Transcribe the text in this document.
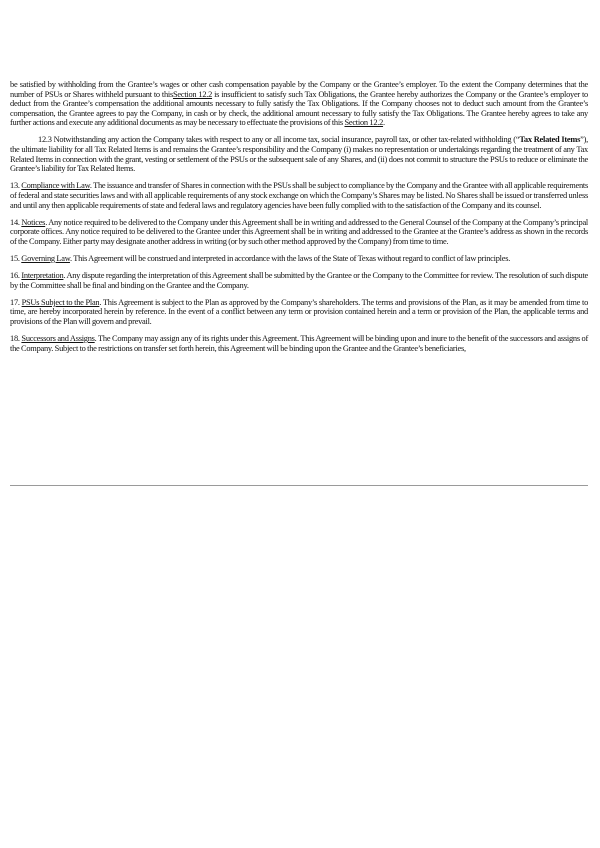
be satisfied by withholding from the Grantee’s wages or other cash compensation payable by the Company or the Grantee’s employer. To the extent the Company determines that the number of PSUs or Shares withheld pursuant to thisSection 12.2 is insufficient to satisfy such Tax Obligations, the Grantee hereby authorizes the Company or the Grantee’s employer to deduct from the Grantee’s compensation the additional amounts necessary to fully satisfy the Tax Obligations. If the Company chooses not to deduct such amount from the Grantee’s compensation, the Grantee agrees to pay the Company, in cash or by check, the additional amount necessary to fully satisfy the Tax Obligations. The Grantee hereby agrees to take any further actions and execute any additional documents as may be necessary to effectuate the provisions of this Section 12.2.

12.3 Notwithstanding any action the Company takes with respect to any or all income tax, social insurance, payroll tax, or other tax-related withholding (“Tax Related Items”), the ultimate liability for all Tax Related Items is and remains the Grantee’s responsibility and the Company (i) makes no representation or undertakings regarding the treatment of any Tax Related Items in connection with the grant, vesting or settlement of the PSUs or the subsequent sale of any Shares, and (ii) does not commit to structure the PSUs to reduce or eliminate the Grantee’s liability for Tax Related Items.

13. Compliance with Law. The issuance and transfer of Shares in connection with the PSUs shall be subject to compliance by the Company and the Grantee with all applicable requirements of federal and state securities laws and with all applicable requirements of any stock exchange on which the Company’s Shares may be listed. No Shares shall be issued or transferred unless and until any then applicable requirements of state and federal laws and regulatory agencies have been fully complied with to the satisfaction of the Company and its counsel.

14. Notices. Any notice required to be delivered to the Company under this Agreement shall be in writing and addressed to the General Counsel of the Company at the Company’s principal corporate offices. Any notice required to be delivered to the Grantee under this Agreement shall be in writing and addressed to the Grantee at the Grantee’s address as shown in the records of the Company. Either party may designate another address in writing (or by such other method approved by the Company) from time to time.

15. Governing Law. This Agreement will be construed and interpreted in accordance with the laws of the State of Texas without regard to conflict of law principles.

16. Interpretation. Any dispute regarding the interpretation of this Agreement shall be submitted by the Grantee or the Company to the Committee for review. The resolution of such dispute by the Committee shall be final and binding on the Grantee and the Company.

17. PSUs Subject to the Plan. This Agreement is subject to the Plan as approved by the Company’s shareholders. The terms and provisions of the Plan, as it may be amended from time to time, are hereby incorporated herein by reference. In the event of a conflict between any term or provision contained herein and a term or provision of the Plan, the applicable terms and provisions of the Plan will govern and prevail.

18. Successors and Assigns. The Company may assign any of its rights under this Agreement. This Agreement will be binding upon and inure to the benefit of the successors and assigns of the Company. Subject to the restrictions on transfer set forth herein, this Agreement will be binding upon the Grantee and the Grantee’s beneficiaries,
